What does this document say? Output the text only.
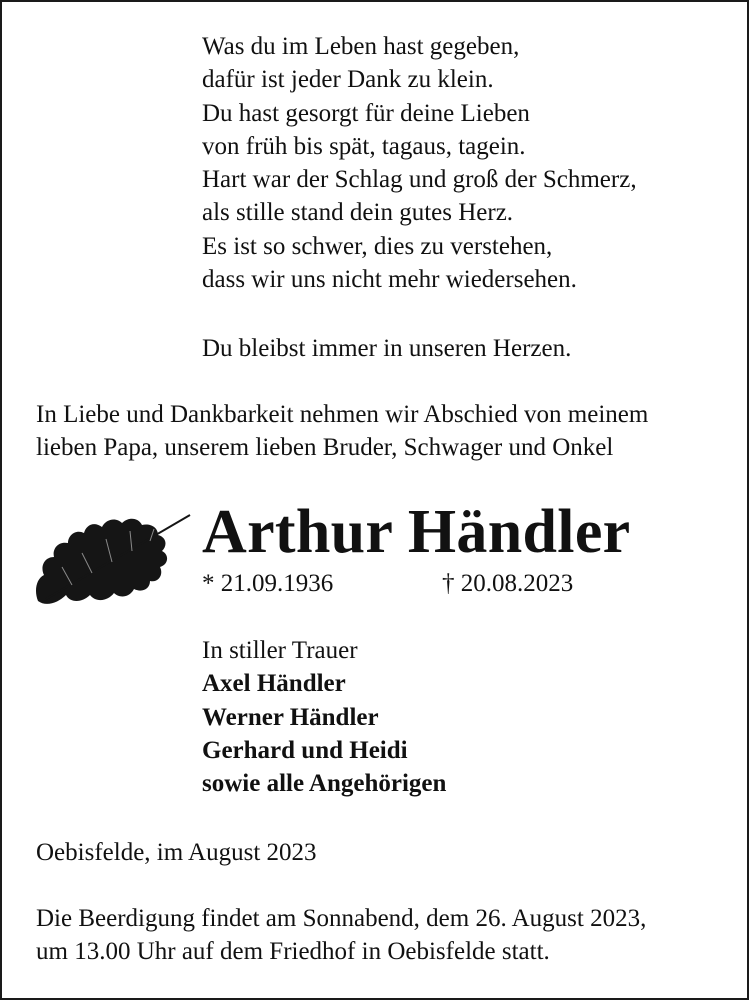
Was du im Leben hast gegeben,
dafür ist jeder Dank zu klein.
Du hast gesorgt für deine Lieben
von früh bis spät, tagaus, tagein.
Hart war der Schlag und groß der Schmerz,
als stille stand dein gutes Herz.
Es ist so schwer, dies zu verstehen,
dass wir uns nicht mehr wiedersehen.
Du bleibst immer in unseren Herzen.
In Liebe und Dankbarkeit nehmen wir Abschied von meinem
lieben Papa, unserem lieben Bruder, Schwager und Onkel
Arthur Händler
* 21.09.1936	† 20.08.2023
In stiller Trauer
Axel Händler
Werner Händler
Gerhard und Heidi
sowie alle Angehörigen
Oebisfelde, im August 2023
Die Beerdigung findet am Sonnabend, dem 26. August 2023,
um 13.00 Uhr auf dem Friedhof in Oebisfelde statt.
